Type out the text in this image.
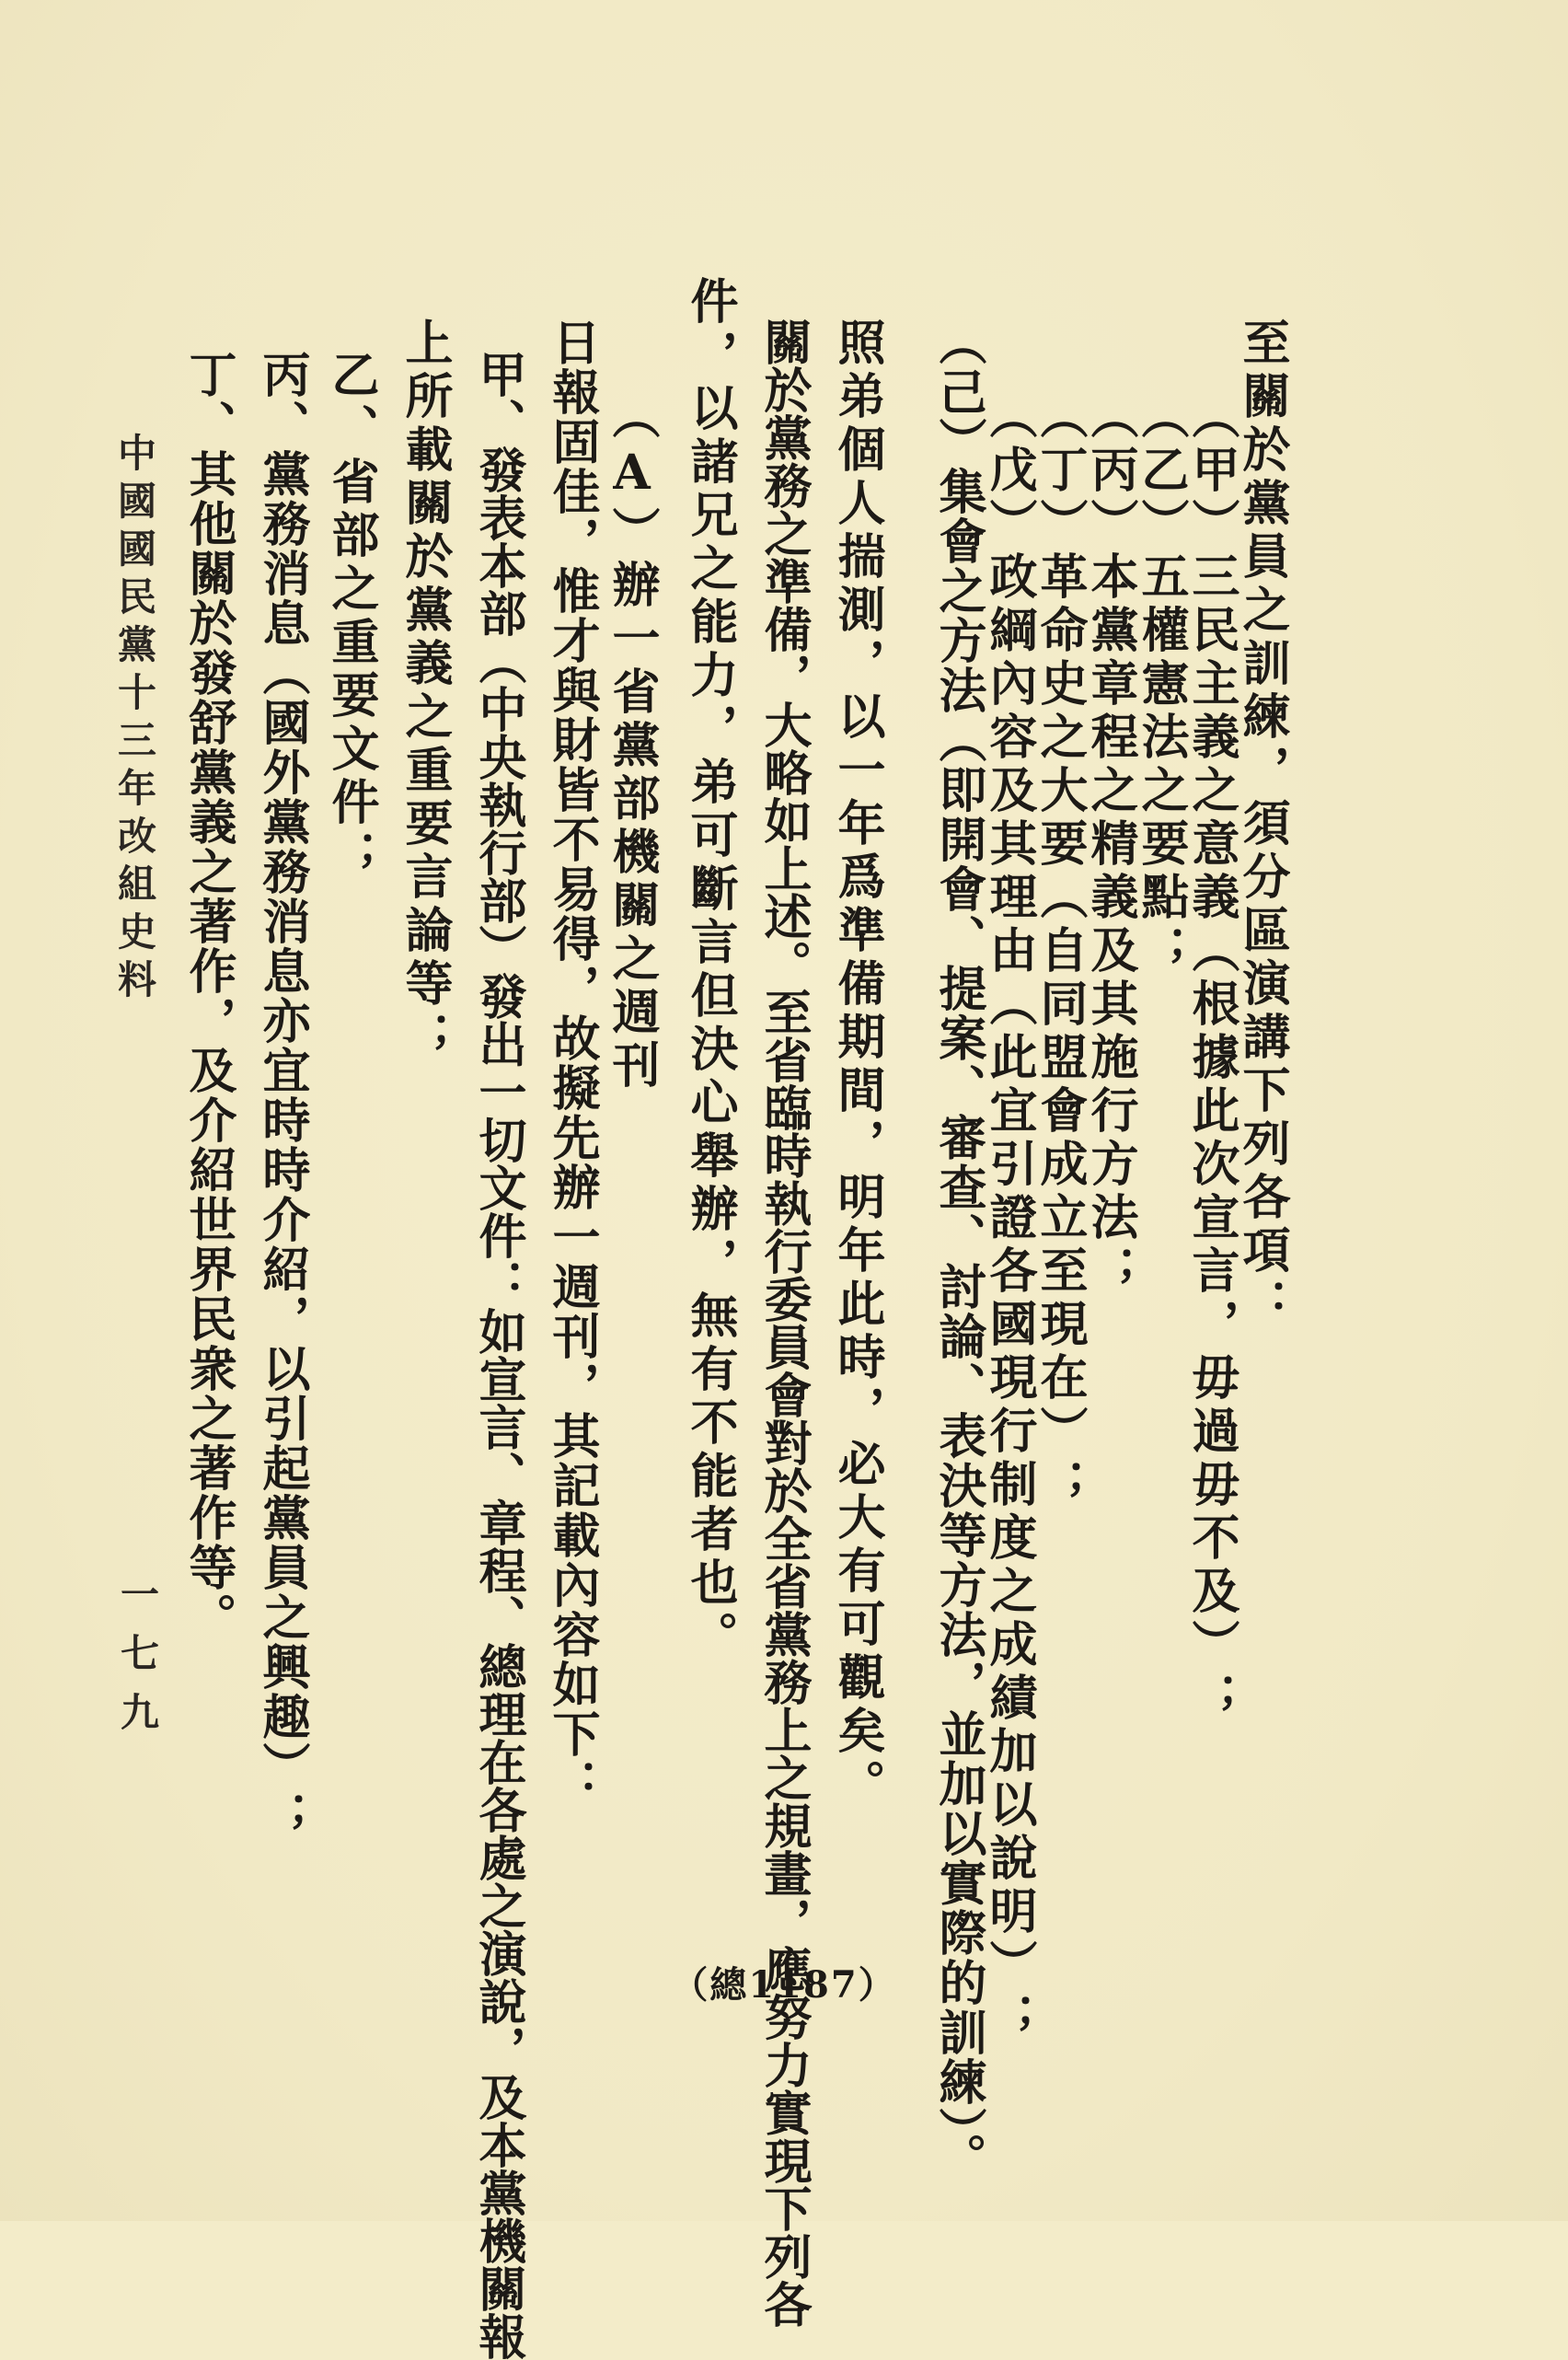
至關於黨員之訓練，須分區演講下列各項：
（甲）三民主義之意義（根據此次宣言，毋過毋不及）；
（乙）五權憲法之要點；
（丙）本黨章程之精義及其施行方法；
（丁）革命史之大要（自同盟會成立至現在）；
（戊）政綱內容及其理由（此宜引證各國現行制度之成績加以說明）；
（己）集會之方法（即開會、提案、審查、討論、表決等方法，並加以實際的訓練）。
照弟個人揣測，以一年爲準備期間，明年此時，必大有可觀矣。
關於黨務之準備，大略如上述。至省臨時執行委員會對於全省黨務上之規畫，應努力實現下列各
件，以諸兄之能力，弟可斷言但決心舉辦，無有不能者也。
（A）辦一省黨部機關之週刊
日報固佳，惟才與財皆不易得，故擬先辦一週刊，其記載內容如下：
甲、發表本部（中央執行部）發出一切文件：如宣言、章程、總理在各處之演說，及本黨機關報
上所載關於黨義之重要言論等；
乙、省部之重要文件；
丙、黨務消息（國外黨務消息亦宜時時介紹，以引起黨員之興趣）；
丁、其他關於發舒黨義之著作，及介紹世界民衆之著作等。
中國國民黨十三年改組史料
一七九
（總1187）
